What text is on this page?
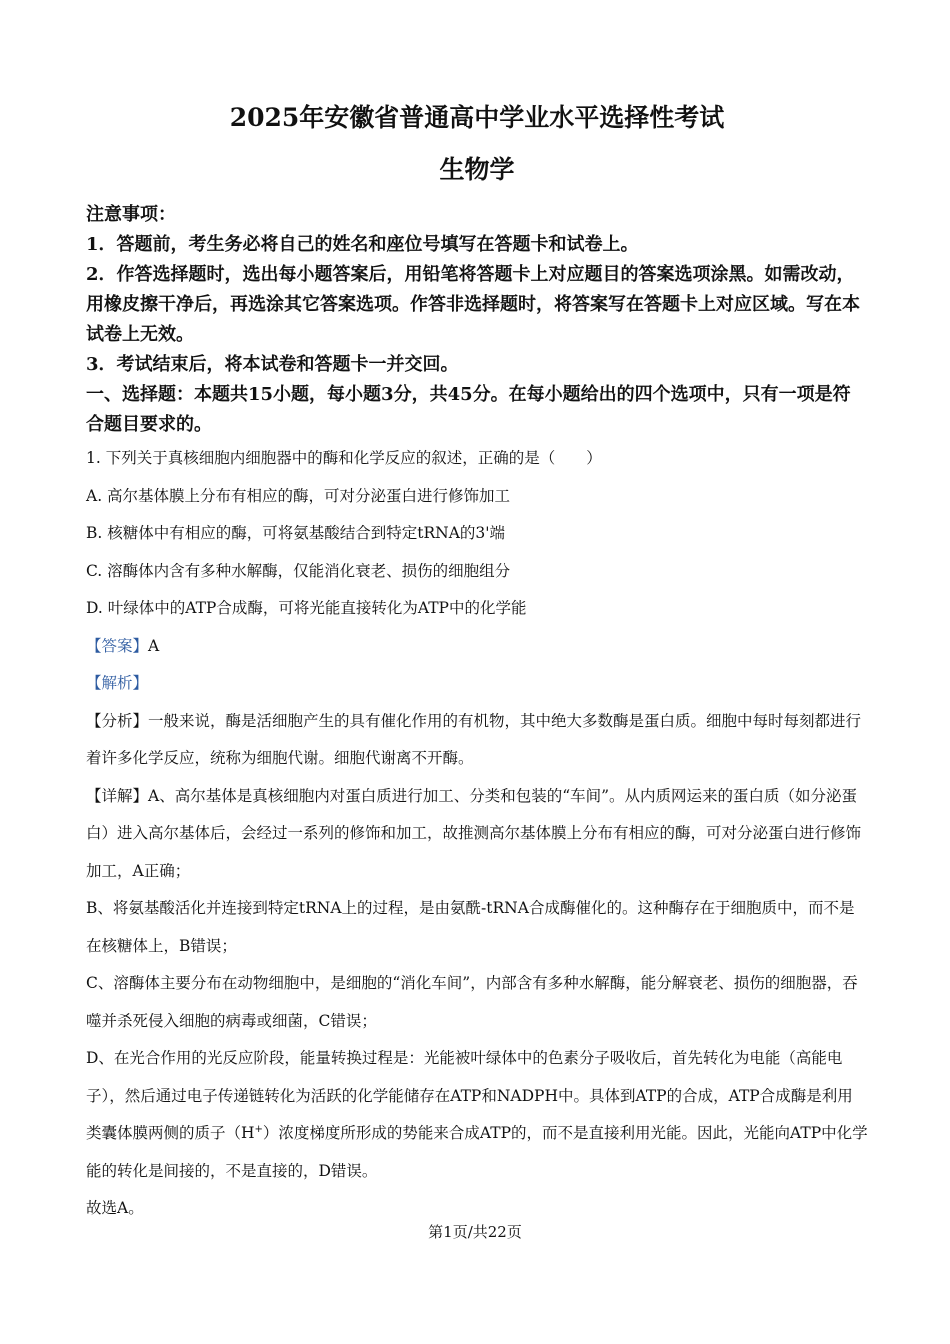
2025年安徽省普通高中学业水平选择性考试
生物学

注意事项：

1．答题前，考生务必将自己的姓名和座位号填写在答题卡和试卷上。

2．作答选择题时，选出每小题答案后，用铅笔将答题卡上对应题目的答案选项涂黑。如需改动，用橡皮擦干净后，再选涂其它答案选项。作答非选择题时，将答案写在答题卡上对应区域。写在本试卷上无效。

3．考试结束后，将本试卷和答题卡一并交回。

一、选择题：本题共15小题，每小题3分，共45分。在每小题给出的四个选项中，只有一项是符合题目要求的。

1. 下列关于真核细胞内细胞器中的酶和化学反应的叙述，正确的是（　　）

A. 高尔基体膜上分布有相应的酶，可对分泌蛋白进行修饰加工

B. 核糖体中有相应的酶，可将氨基酸结合到特定tRNA的3'端

C. 溶酶体内含有多种水解酶，仅能消化衰老、损伤的细胞组分

D. 叶绿体中的ATP合成酶，可将光能直接转化为ATP中的化学能

【答案】A

【解析】

【分析】一般来说，酶是活细胞产生的具有催化作用的有机物，其中绝大多数酶是蛋白质。细胞中每时每刻都进行着许多化学反应，统称为细胞代谢。细胞代谢离不开酶。

【详解】A、高尔基体是真核细胞内对蛋白质进行加工、分类和包装的“车间”。从内质网运来的蛋白质（如分泌蛋白）进入高尔基体后，会经过一系列的修饰和加工，故推测高尔基体膜上分布有相应的酶，可对分泌蛋白进行修饰加工，A正确；

B、将氨基酸活化并连接到特定tRNA上的过程，是由氨酰-tRNA合成酶催化的。这种酶存在于细胞质中，而不是在核糖体上，B错误；

C、溶酶体主要分布在动物细胞中，是细胞的“消化车间”，内部含有多种水解酶，能分解衰老、损伤的细胞器，吞噬并杀死侵入细胞的病毒或细菌，C错误；

D、在光合作用的光反应阶段，能量转换过程是：光能被叶绿体中的色素分子吸收后，首先转化为电能（高能电子），然后通过电子传递链转化为活跃的化学能储存在ATP和NADPH中。具体到ATP的合成，ATP合成酶是利用类囊体膜两侧的质子（H+）浓度梯度所形成的势能来合成ATP的，而不是直接利用光能。因此，光能向ATP中化学能的转化是间接的，不是直接的，D错误。

故选A。

第1页/共22页
